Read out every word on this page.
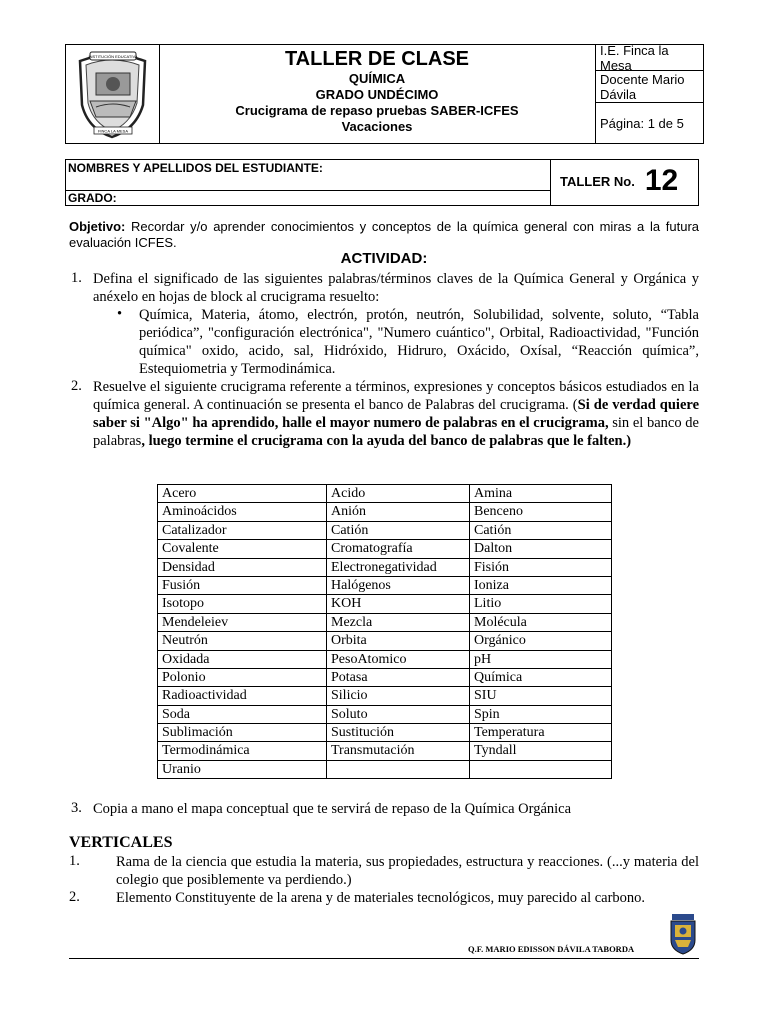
INSTITUCIÓN EDUCATIVA
FINCA LA MESA
TALLER DE CLASE
QUÍMICA
GRADO UNDÉCIMO
Crucigrama de repaso pruebas SABER-ICFES
Vacaciones
I.E. Finca la Mesa
Docente Mario Dávila
Página: 1 de 5
NOMBRES Y APELLIDOS DEL ESTUDIANTE:
GRADO:
TALLER No. 12
Objetivo: Recordar y/o aprender conocimientos y conceptos de la química general con miras a la futura evaluación ICFES.
ACTIVIDAD:
1. Defina el significado de las siguientes palabras/términos claves de la Química General y Orgánica y anéxelo en hojas de block al crucigrama resuelto:
• Química, Materia, átomo, electrón, protón, neutrón, Solubilidad, solvente, soluto, “Tabla periódica”, "configuración electrónica", "Numero cuántico", Orbital, Radioactividad, "Función química" oxido, acido, sal, Hidróxido, Hidruro, Oxácido, Oxísal, “Reacción química”, Estequiometria y Termodinámica.
2. Resuelve el siguiente crucigrama referente a términos, expresiones y conceptos básicos estudiados en la química general. A continuación se presenta el banco de Palabras del crucigrama. (Si de verdad quiere saber si "Algo" ha aprendido, halle el mayor numero de palabras en el crucigrama, sin el banco de palabras, luego termine el crucigrama con la ayuda del banco de palabras que le falten.)
Acero	Acido	Amina
Aminoácidos	Anión	Benceno
Catalizador	Catión	Catión
Covalente	Cromatografía	Dalton
Densidad	Electronegatividad	Fisión
Fusión	Halógenos	Ioniza
Isotopo	KOH	Litio
Mendeleiev	Mezcla	Molécula
Neutrón	Orbita	Orgánico
Oxidada	PesoAtomico	pH
Polonio	Potasa	Química
Radioactividad	Silicio	SIU
Soda	Soluto	Spin
Sublimación	Sustitución	Temperatura
Termodinámica	Transmutación	Tyndall
Uranio		
3. Copia a mano el mapa conceptual que te servirá de repaso de la Química Orgánica
VERTICALES
1. Rama de la ciencia que estudia la materia, sus propiedades, estructura y reacciones. (...y materia del colegio que posiblemente va perdiendo.)
2. Elemento Constituyente de la arena y de materiales tecnológicos, muy parecido al carbono.
Q.F. MARIO EDISSON DÁVILA TABORDA
